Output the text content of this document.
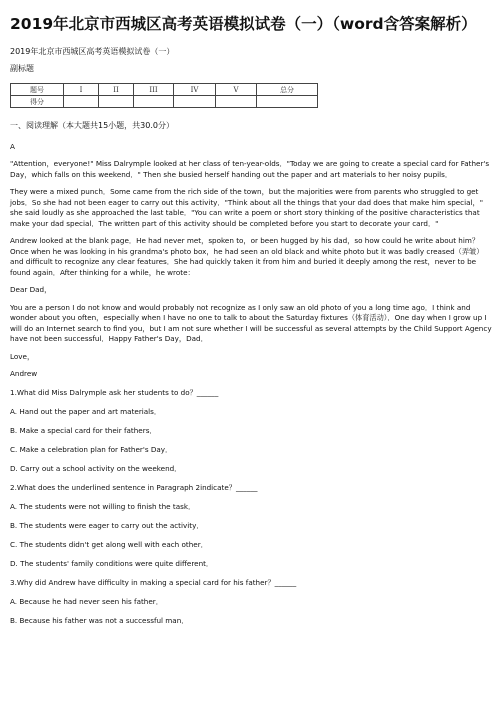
2019年北京市西城区高考英语模拟试卷（一）（word含答案解析）
2019年北京市西城区高考英语模拟试卷（一）
副标题
题号	I	II	III	IV	V	总分
得分						
一、阅读理解（本大题共15小题，共30.0分）
A
"Attention，everyone!" Miss Dalrymple looked at her class of ten-year-olds．"Today we are going to create a special card for Father's Day，which falls on this weekend．" Then she busied herself handing out the paper and art materials to her noisy pupils．
They were a mixed punch．Some came from the rich side of the town，but the majorities were from parents who struggled to get jobs．So she had not been eager to carry out this activity．"Think about all the things that your dad does that make him special，" she said loudly as she approached the last table．"You can write a poem or short story thinking of the positive characteristics that make your dad special．The written part of this activity should be completed before you start to decorate your card．"
Andrew looked at the blank page．He had never met，spoken to，or been hugged by his dad，so how could he write about him？Once when he was looking in his grandma's photo box，he had seen an old black and white photo but it was badly creased（弄皱）and difficult to recognize any clear features．She had quickly taken it from him and buried it deeply among the rest，never to be found again．After thinking for a while，he wrote：
Dear Dad，
You are a person I do not know and would probably not recognize as I only saw an old photo of you a long time ago．I think and wonder about you often，especially when I have no one to talk to about the Saturday fixtures（体育活动）．One day when I grow up I will do an Internet search to find you，but I am not sure whether I will be successful as several attempts by the Child Support Agency have not been successful．Happy Father's Day，Dad．
Love，
Andrew
1.What did Miss Dalrymple ask her students to do？______
A. Hand out the paper and art materials．
B. Make a special card for their fathers．
C. Make a celebration plan for Father's Day．
D. Carry out a school activity on the weekend．
2.What does the underlined sentence in Paragraph 2indicate？______
A. The students were not willing to finish the task．
B. The students were eager to carry out the activity．
C. The students didn't get along well with each other．
D. The students' family conditions were quite different．
3.Why did Andrew have difficulty in making a special card for his father？______
A. Because he had never seen his father．
B. Because his father was not a successful man．
